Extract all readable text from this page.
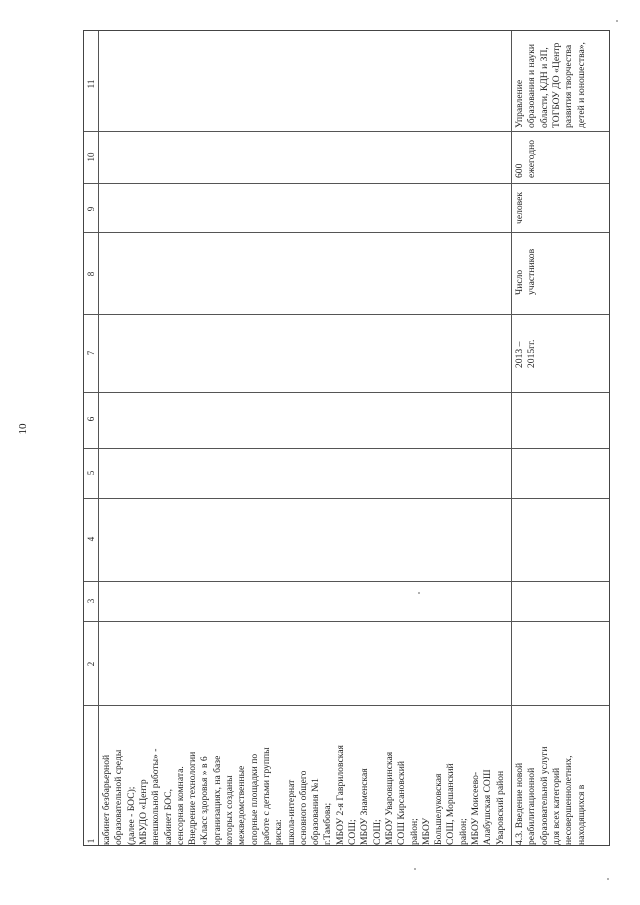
10
1
2
3
4
5
6
7
8
9
10
11
кабинет безбарьерной образовательной среды (далее - БОС); МБУДО «Центр внешкольной работы» - кабинет БОС, сенсорная комната. Внедрение технологии «Класс здоровья » в 6 организациях, на базе которых созданы межведомственные опорные площадки по работе с детьми группы риска: школа-интернат основного общего образования №1 г.Тамбова; МБОУ 2-я Гавриловская СОШ; МБОУ Знаменская СОШ; МБОУ Уваровщинская СОШ Кирсановский район; МБОУ Большелуковская СОШ, Моршанский район; МБОУ Моисеево- Алабушская СОШ Уваровский район 4.3. Введение новой реабилитационной образовательной услуги для всех категорий несовершеннолетних, находящихся в
2013 – 2015гг.
Число участников
человек
600 ежегодно
Управление образования и науки области, КДН и ЗП, ТОГБОУ ДО «Центр развития творчества детей и юношества»,
